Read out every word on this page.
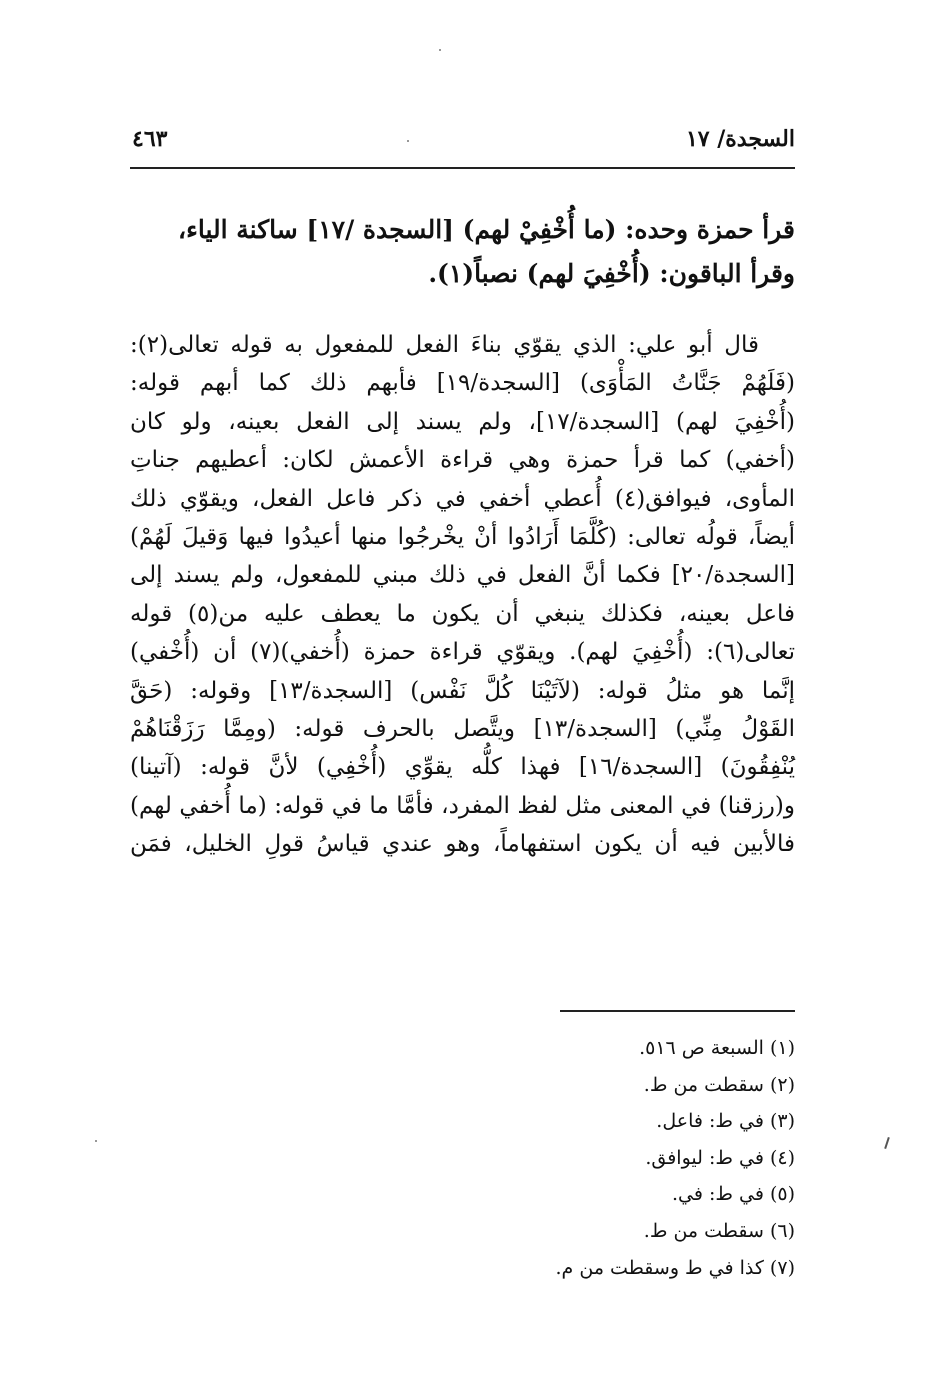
السجدة/ ١٧
٤٦٣

قرأ حمزة وحده: (ما أُخْفِيْ لهم) [السجدة /١٧] ساكنة الياء،

وقرأ الباقون: (أُخْفِيَ لهم) نصباً(١).

قال أبو علي: الذي يقوّي بناءَ الفعل للمفعول به قوله تعالى(٢):
(فَلَهُمْ جَنَّاتُ المَأْوَى) [السجدة/١٩] فأبهم ذلك كما أبهم قوله:
(أُخْفِيَ لهم) [السجدة/١٧]، ولم يسند إلى الفعل بعينه، ولو كان
(أخفي) كما قرأ حمزة وهي قراءة الأعمش لكان: أعطيهم جناتِ
المأوى، فيوافق(٤) أُعطي أخفي في ذكر فاعل الفعل، ويقوّي ذلك
أيضاً، قولُه تعالى: (كُلَّمَا أَرَادُوا أنْ يخْرجُوا منها أعيدُوا فيها وَقيلَ لَهُمْ)
[السجدة/٢٠] فكما أنَّ الفعل في ذلك مبني للمفعول، ولم يسند إلى
فاعل بعينه، فكذلك ينبغي أن يكون ما يعطف عليه من(٥) قوله
تعالى(٦): (أُخْفِيَ لهم). ويقوّي قراءة حمزة (أُخفي)(٧) أن (أُخْفي)
إنَّما هو مثلُ قوله: (لآتَيْنَا كُلَّ نَفْس) [السجدة/١٣] وقوله: (حَقَّ
القَوْلُ مِنِّي) [السجدة/١٣] ويتَّصل بالحرف قوله: (ومِمَّا رَزَقْنَاهُمْ
يُنْفِقُونَ) [السجدة/١٦] فهذا كلُّه يقوِّي (أُخْفِي) لأنَّ قوله: (آتينا)
و(رزقنا) في المعنى مثل لفظ المفرد، فأمَّا ما في قوله: (ما أُخفي لهم)
فالأبين فيه أن يكون استفهاماً، وهو عندي قياسُ قولِ الخليل، فمَن
(١) السبعة ص ٥١٦.
(٢) سقطت من ط.
(٣) في ط: فاعل.
(٤) في ط: ليوافق.
(٥) في ط: في.
(٦) سقطت من ط.
(٧) كذا في ط وسقطت من م.
